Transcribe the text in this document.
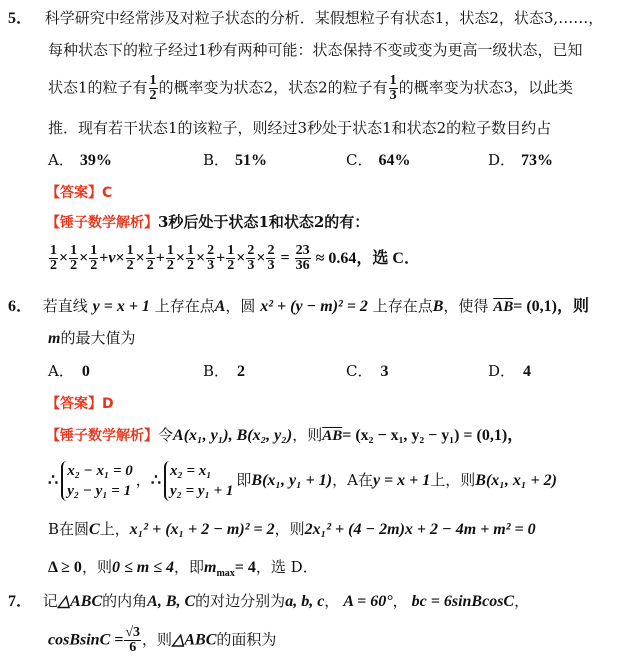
5． 科学研究中经常涉及对粒子状态的分析．某假想粒子有状态1，状态2，状态3,……，
每种状态下的粒子经过1秒有两种可能：状态保持不变或变为更高一级状态，已知
状态1的粒子有 $\frac{1}{2}$ 的概率变为状态2，状态2的粒子有 $\frac{1}{3}$ 的概率变为状态3，以此类
推．现有若干状态1的该粒子，则经过3秒处于状态1和状态2的粒子数目约占
A． 39%	B． 51%	C． 64%	D． 73%
【答案】C
【锤子数学解析】3秒后处于状态1和状态2的有：
$\frac{1}{2} \times \frac{1}{2} \times \frac{1}{2} +v\times \frac{1}{2} \times \frac{1}{2} + \frac{1}{2} \times \frac{1}{2} \times \frac{2}{3} + \frac{1}{2} \times \frac{2}{3} \times \frac{2}{3} = \frac{23}{36} \approx 0.64$，选 C．
6． 若直线 y = x + 1 上存在点A，圆 x² + (y − m)² = 2 上存在点B，使得 $\overline{AB}= (0,1)$，则
m的最大值为
A． 0	B． 2	C． 3	D． 4
【答案】D
【锤子数学解析】令A(x₁, y₁), B(x₂, y₂)，则$\overline{AB}= (x_2 - x_1$, y₂ − y₁) = (0,1)，
∴
x₂ − x₁ = 0
y₂ − y₁ = 1
，∴
x₂ = x₁
y₂ = y₁ + 1
即B(x₁, y₁ + 1)，A在y = x + 1上，则B(x₁, x₁ + 2)
B在圆C上，x₁² + (x₁ + 2 − m)² = 2，则2x₁² + (4 − 2m)x + 2 − 4m + m² = 0
Δ ≥ 0，则0 ≤ m ≤ 4，即$m_{max}= 4$，选 D．
7． 记△ABC的内角A, B, C的对边分别为a, b, c， A = 60°， bc = 6sinBcosC，
cosBsinC = $\frac{√3}{6}$ ，则△ABC的面积为
